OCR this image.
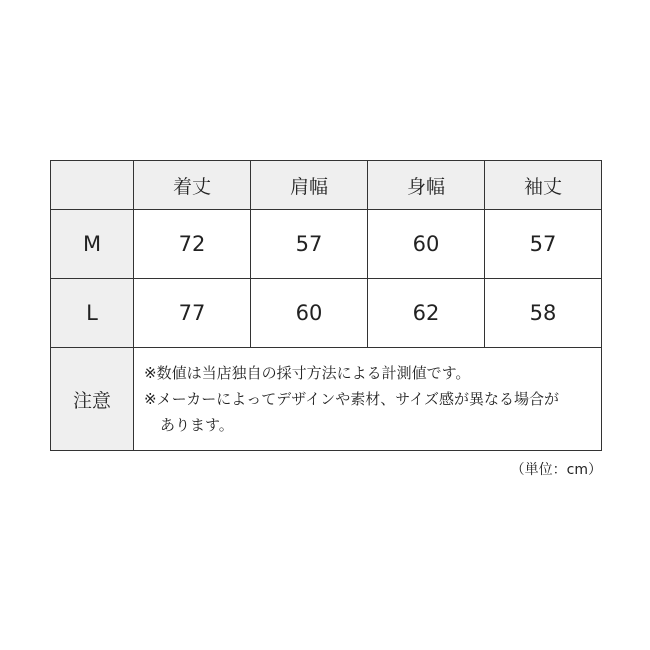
	着丈	肩幅	身幅	袖丈
M	72	57	60	57
L	77	60	62	58
注意	※数値は当店独自の採寸方法による計測値です。
※メーカーによってデザインや素材、サイズ感が異なる場合が
あります。			
（単位：cm）
